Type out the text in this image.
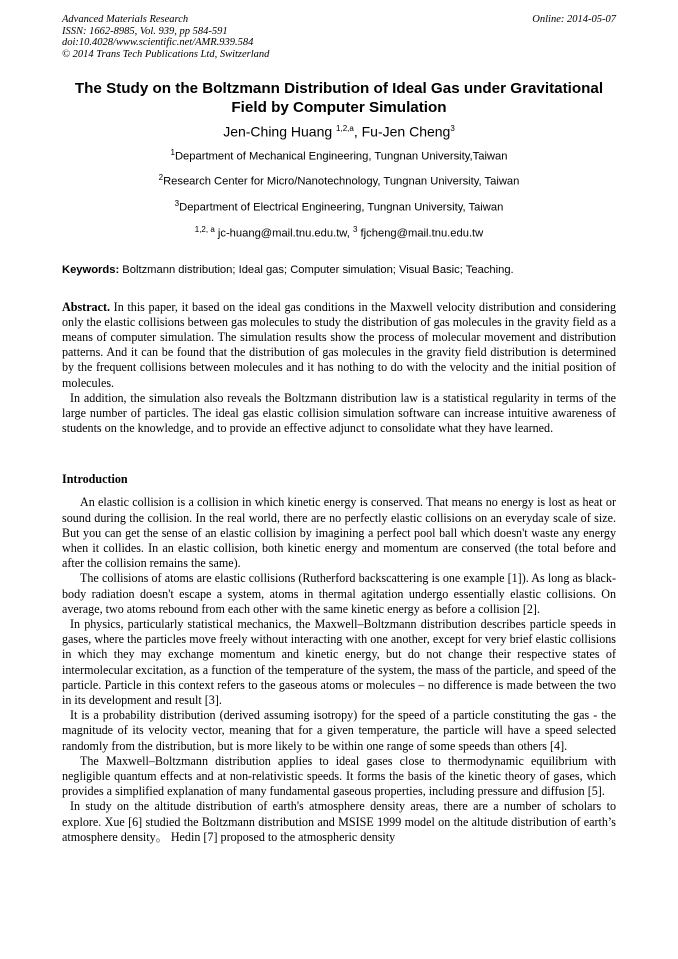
Advanced Materials Research
ISSN: 1662-8985, Vol. 939, pp 584-591
doi:10.4028/www.scientific.net/AMR.939.584
© 2014 Trans Tech Publications Ltd, Switzerland
Online: 2014-05-07
The Study on the Boltzmann Distribution of Ideal Gas under Gravitational
Field by Computer Simulation
Jen-Ching Huang $^{1,2,a}$, Fu-Jen Cheng$^3$
$^1$Department of Mechanical Engineering, Tungnan University,Taiwan
$^2$Research Center for Micro/Nanotechnology, Tungnan University, Taiwan
$^3$Department of Electrical Engineering, Tungnan University, Taiwan
$^{1,2, a}$ jc-huang@mail.tnu.edu.tw, $^3$ fjcheng@mail.tnu.edu.tw
Keywords: Boltzmann distribution; Ideal gas; Computer simulation; Visual Basic; Teaching.

Abstract. In this paper, it based on the ideal gas conditions in the Maxwell velocity distribution and considering only the elastic collisions between gas molecules to study the distribution of gas molecules in the gravity field as a means of computer simulation. The simulation results show the process of molecular movement and distribution patterns. And it can be found that the distribution of gas molecules in the gravity field distribution is determined by the frequent collisions between molecules and it has nothing to do with the velocity and the initial position of molecules.

In addition, the simulation also reveals the Boltzmann distribution law is a statistical regularity in terms of the large number of particles. The ideal gas elastic collision simulation software can increase intuitive awareness of students on the knowledge, and to provide an effective adjunct to consolidate what they have learned.

Introduction

An elastic collision is a collision in which kinetic energy is conserved. That means no energy is lost as heat or sound during the collision. In the real world, there are no perfectly elastic collisions on an everyday scale of size. But you can get the sense of an elastic collision by imagining a perfect pool ball which doesn't waste any energy when it collides. In an elastic collision, both kinetic energy and momentum are conserved (the total before and after the collision remains the same).

The collisions of atoms are elastic collisions (Rutherford backscattering is one example [1]). As long as black-body radiation doesn't escape a system, atoms in thermal agitation undergo essentially elastic collisions. On average, two atoms rebound from each other with the same kinetic energy as before a collision [2].

In physics, particularly statistical mechanics, the Maxwell–Boltzmann distribution describes particle speeds in gases, where the particles move freely without interacting with one another, except for very brief elastic collisions in which they may exchange momentum and kinetic energy, but do not change their respective states of intermolecular excitation, as a function of the temperature of the system, the mass of the particle, and speed of the particle. Particle in this context refers to the gaseous atoms or molecules – no difference is made between the two in its development and result [3].

It is a probability distribution (derived assuming isotropy) for the speed of a particle constituting the gas - the magnitude of its velocity vector, meaning that for a given temperature, the particle will have a speed selected randomly from the distribution, but is more likely to be within one range of some speeds than others [4].

The Maxwell–Boltzmann distribution applies to ideal gases close to thermodynamic equilibrium with negligible quantum effects and at non-relativistic speeds. It forms the basis of the kinetic theory of gases, which provides a simplified explanation of many fundamental gaseous properties, including pressure and diffusion [5].

In study on the altitude distribution of earth's atmosphere density areas, there are a number of scholars to explore. Xue [6] studied the Boltzmann distribution and MSISE 1999 model on the altitude distribution of earth’s atmosphere density。 Hedin [7] proposed to the atmospheric density
